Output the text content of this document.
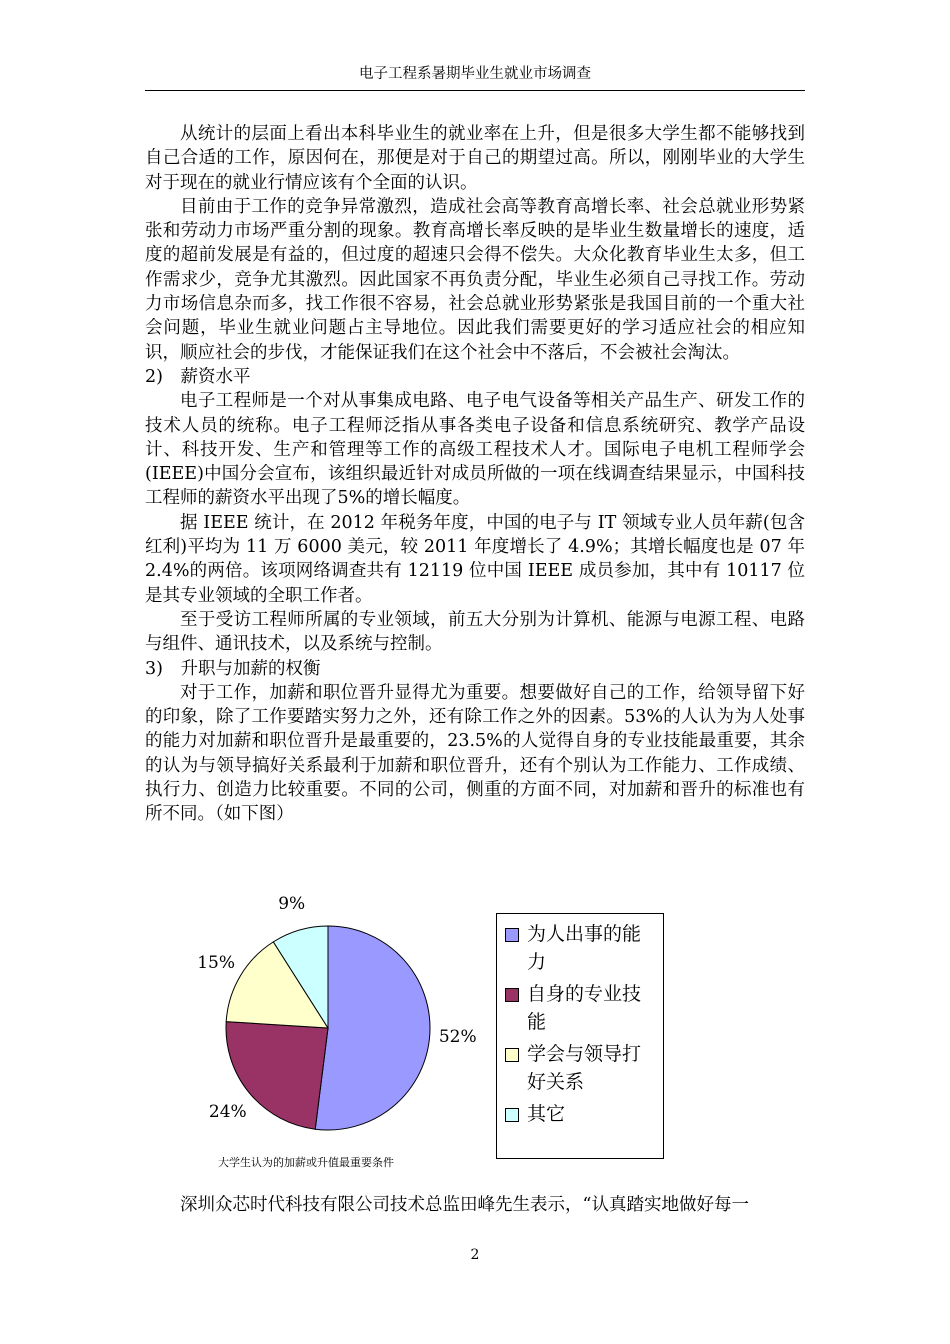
电子工程系暑期毕业生就业市场调查

从统计的层面上看出本科毕业生的就业率在上升，但是很多大学生都不能够找到自己合适的工作，原因何在，那便是对于自己的期望过高。所以，刚刚毕业的大学生对于现在的就业行情应该有个全面的认识。

目前由于工作的竞争异常激烈，造成社会高等教育高增长率、社会总就业形势紧张和劳动力市场严重分割的现象。教育高增长率反映的是毕业生数量增长的速度，适度的超前发展是有益的，但过度的超速只会得不偿失。大众化教育毕业生太多，但工作需求少，竞争尤其激烈。因此国家不再负责分配，毕业生必须自己寻找工作。劳动力市场信息杂而多，找工作很不容易，社会总就业形势紧张是我国目前的一个重大社会问题，毕业生就业问题占主导地位。因此我们需要更好的学习适应社会的相应知识，顺应社会的步伐，才能保证我们在这个社会中不落后，不会被社会淘汰。

2)　薪资水平

电子工程师是一个对从事集成电路、电子电气设备等相关产品生产、研发工作的技术人员的统称。电子工程师泛指从事各类电子设备和信息系统研究、教学产品设计、科技开发、生产和管理等工作的高级工程技术人才。国际电子电机工程师学会(IEEE)中国分会宣布，该组织最近针对成员所做的一项在线调查结果显示，中国科技工程师的薪资水平出现了5%的增长幅度。

据 IEEE 统计，在 2012 年税务年度，中国的电子与 IT 领域专业人员年薪(包含红利)平均为 11 万 6000 美元，较 2011 年度增长了 4.9%；其增长幅度也是 07 年 2.4%的两倍。该项网络调查共有 12119 位中国 IEEE 成员参加，其中有 10117 位是其专业领域的全职工作者。

至于受访工程师所属的专业领域，前五大分别为计算机、能源与电源工程、电路与组件、通讯技术，以及系统与控制。

3)　升职与加薪的权衡

对于工作，加薪和职位晋升显得尤为重要。想要做好自己的工作，给领导留下好的印象，除了工作要踏实努力之外，还有除工作之外的因素。53%的人认为为人处事的能力对加薪和职位晋升是最重要的，23.5%的人觉得自身的专业技能最重要，其余的认为与领导搞好关系最利于加薪和职位晋升，还有个别认为工作能力、工作成绩、执行力、创造力比较重要。不同的公司，侧重的方面不同，对加薪和晋升的标准也有所不同。（如下图）

52%
24%
15%
9%
为人出事的能力
自身的专业技能
学会与领导打好关系
其它
大学生认为的加薪或升值最重要条件

深圳众芯时代科技有限公司技术总监田峰先生表示，“认真踏实地做好每一

2
